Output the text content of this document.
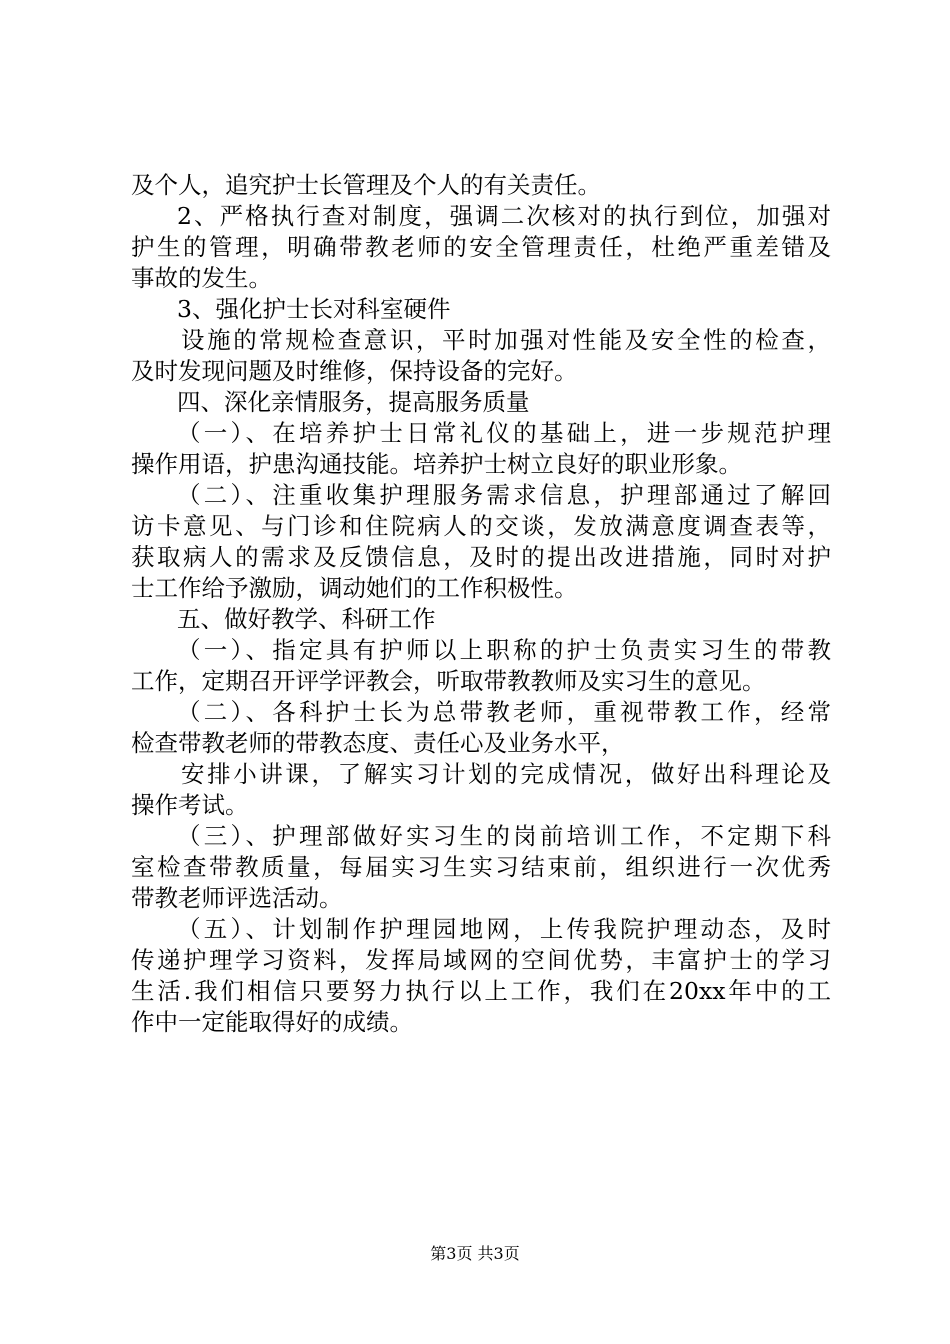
及个人，追究护士长管理及个人的有关责任。
2、严格执行查对制度，强调二次核对的执行到位，加强对
护生的管理，明确带教老师的安全管理责任，杜绝严重差错及
事故的发生。
3、强化护士长对科室硬件
设施的常规检查意识，平时加强对性能及安全性的检查，
及时发现问题及时维修，保持设备的完好。
四、深化亲情服务，提高服务质量
（一）、在培养护士日常礼仪的基础上，进一步规范护理
操作用语，护患沟通技能。培养护士树立良好的职业形象。
（二）、注重收集护理服务需求信息，护理部通过了解回
访卡意见、与门诊和住院病人的交谈，发放满意度调查表等，
获取病人的需求及反馈信息，及时的提出改进措施，同时对护
士工作给予激励，调动她们的工作积极性。
五、做好教学、科研工作
（一）、指定具有护师以上职称的护士负责实习生的带教
工作，定期召开评学评教会，听取带教教师及实习生的意见。
（二）、各科护士长为总带教老师，重视带教工作，经常
检查带教老师的带教态度、责任心及业务水平，
安排小讲课，了解实习计划的完成情况，做好出科理论及
操作考试。
（三）、护理部做好实习生的岗前培训工作，不定期下科
室检查带教质量，每届实习生实习结束前，组织进行一次优秀
带教老师评选活动。
（五）、计划制作护理园地网，上传我院护理动态，及时
传递护理学习资料，发挥局域网的空间优势，丰富护士的学习
生活.我们相信只要努力执行以上工作，我们在20xx年中的工
作中一定能取得好的成绩。
第3页 共3页
